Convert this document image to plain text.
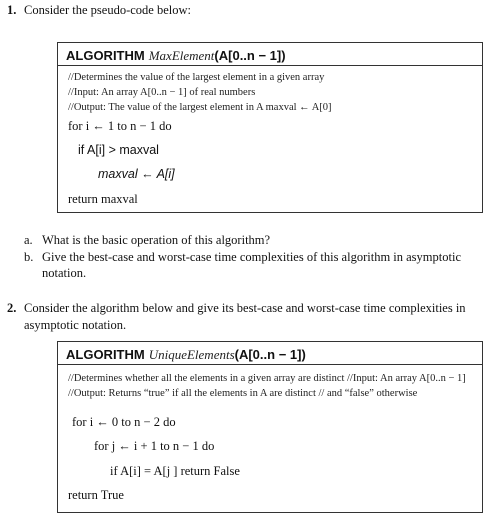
1. Consider the pseudo-code below:
ALGORITHM MaxElement(A[0..n − 1])
//Determines the value of the largest element in a given array
//Input: An array A[0..n − 1] of real numbers
//Output: The value of the largest element in A maxval ← A[0]
for i ← 1 to n − 1 do
if A[i] > maxval
maxval ← A[i]
return maxval
a. What is the basic operation of this algorithm?
b. Give the best-case and worst-case time complexities of this algorithm in asymptotic
notation.
2. Consider the algorithm below and give its best-case and worst-case time complexities in
asymptotic notation.
ALGORITHM UniqueElements(A[0..n − 1])
//Determines whether all the elements in a given array are distinct //Input: An array A[0..n − 1]
//Output: Returns “true” if all the elements in A are distinct // and “false” otherwise
for i ← 0 to n − 2 do
for j ← i + 1 to n − 1 do
if A[i] = A[j ] return False
return True
